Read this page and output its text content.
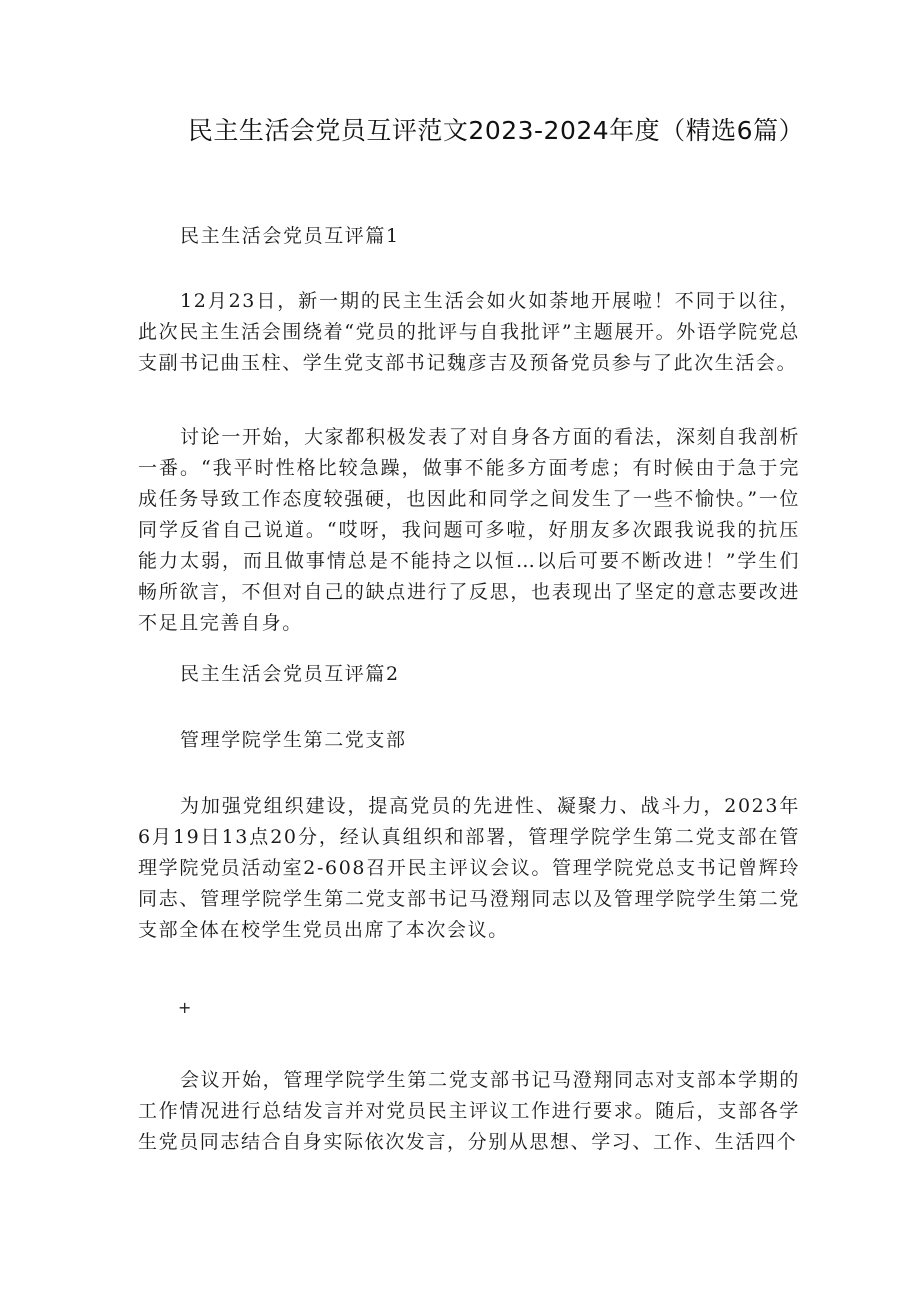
民主生活会党员互评范文2023-2024年度（精选6篇）

民主生活会党员互评篇1

12月23日，新一期的民主生活会如火如荼地开展啦！不同于以往，此次民主生活会围绕着“党员的批评与自我批评”主题展开。外语学院党总支副书记曲玉柱、学生党支部书记魏彦吉及预备党员参与了此次生活会。

讨论一开始，大家都积极发表了对自身各方面的看法，深刻自我剖析一番。“我平时性格比较急躁，做事不能多方面考虑；有时候由于急于完成任务导致工作态度较强硬，也因此和同学之间发生了一些不愉快。”一位同学反省自己说道。“哎呀，我问题可多啦，好朋友多次跟我说我的抗压能力太弱，而且做事情总是不能持之以恒…以后可要不断改进！”学生们畅所欲言，不但对自己的缺点进行了反思，也表现出了坚定的意志要改进不足且完善自身。

民主生活会党员互评篇2

管理学院学生第二党支部

为加强党组织建设，提高党员的先进性、凝聚力、战斗力，2023年6月19日13点20分，经认真组织和部署，管理学院学生第二党支部在管理学院党员活动室2-608召开民主评议会议。管理学院党总支书记曾辉玲同志、管理学院学生第二党支部书记马澄翔同志以及管理学院学生第二党支部全体在校学生党员出席了本次会议。

+

会议开始，管理学院学生第二党支部书记马澄翔同志对支部本学期的工作情况进行总结发言并对党员民主评议工作进行要求。随后，支部各学生党员同志结合自身实际依次发言，分别从思想、学习、工作、生活四个
